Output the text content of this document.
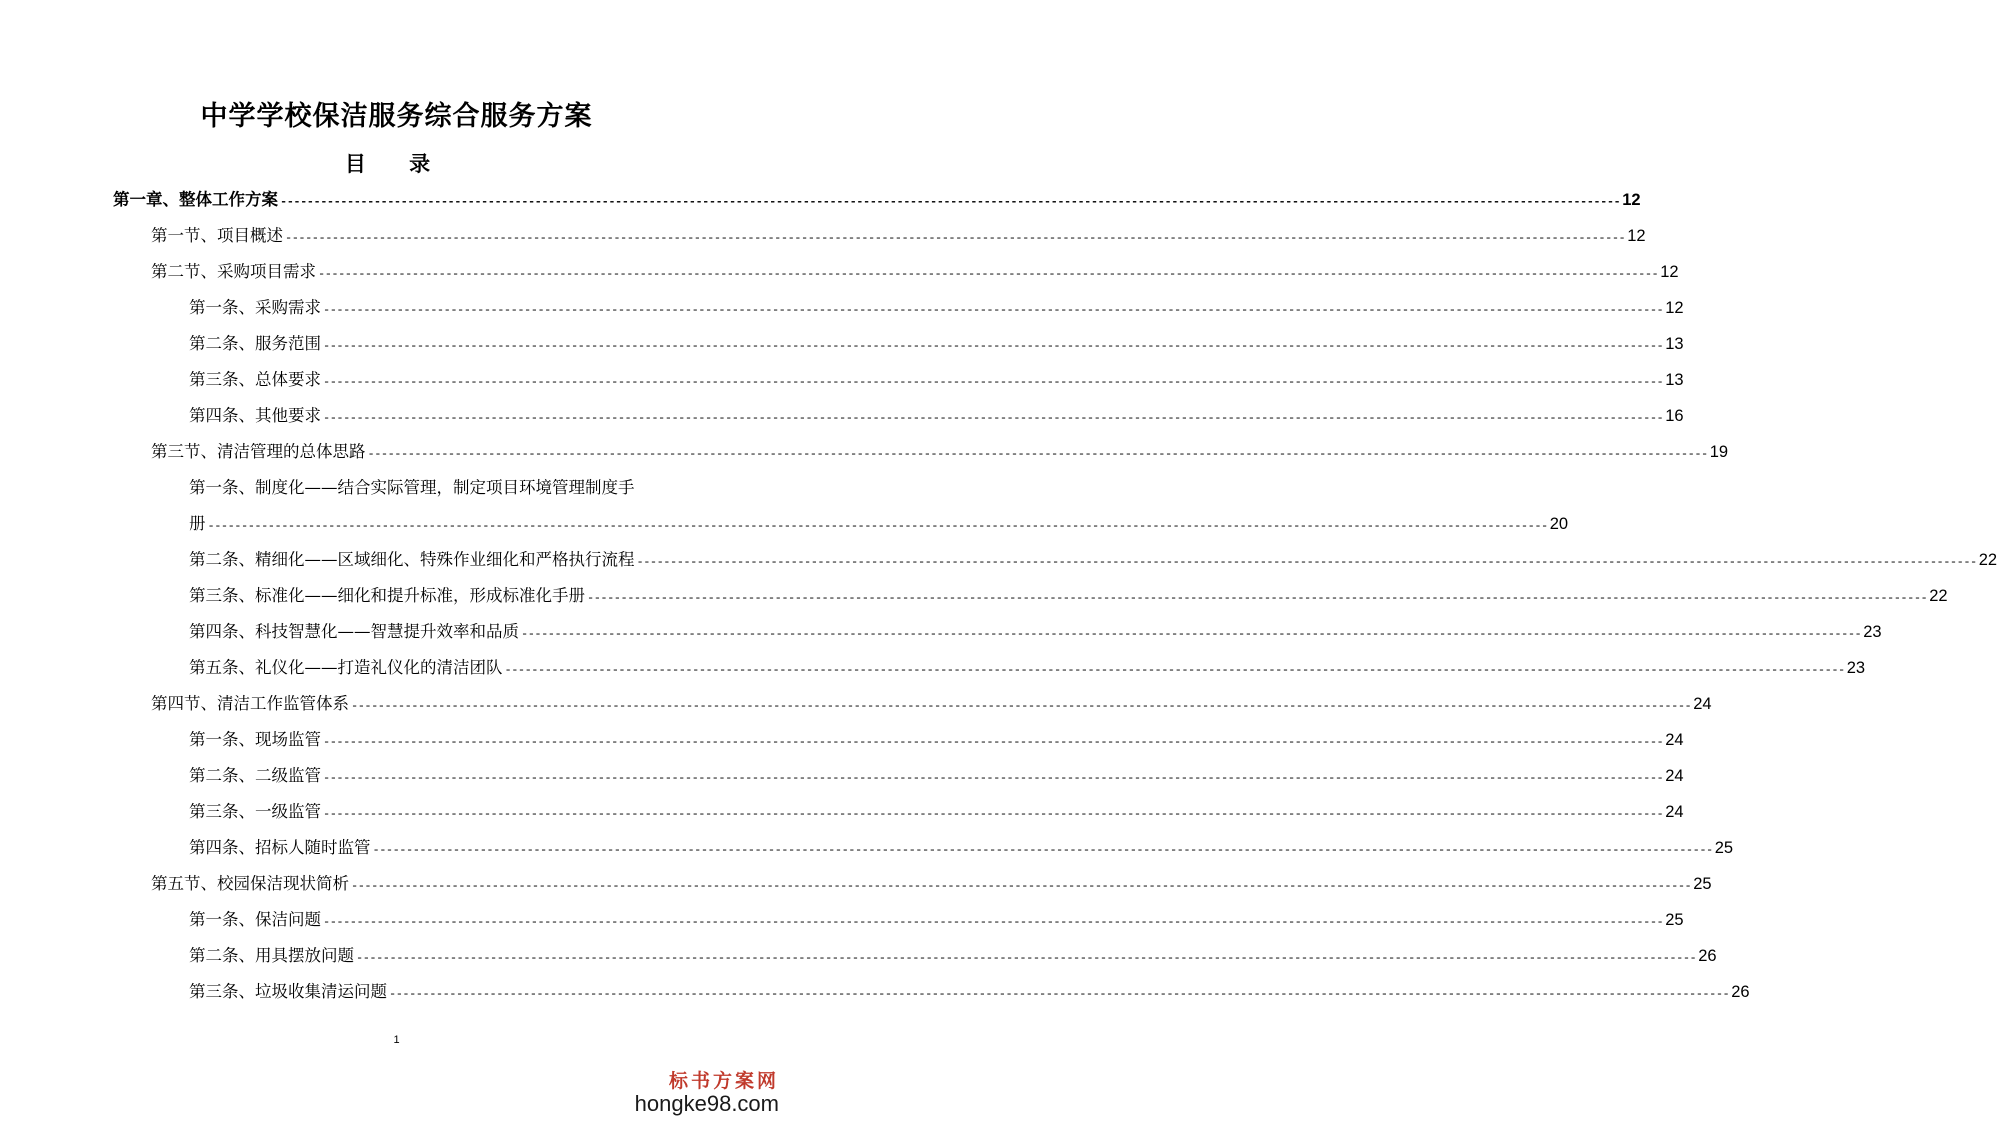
中学学校保洁服务综合服务方案
目 录
第一章、整体工作方案 -------------------------------------------------------------------------------------------------------------------------------------------------------------------------------------------------------- 12
第一节、项目概述 -------------------------------------------------------------------------------------------------------------------------------------------------------------------------------------------------------- 12
第二节、采购项目需求 -------------------------------------------------------------------------------------------------------------------------------------------------------------------------------------------------------- 12
第一条、采购需求 -------------------------------------------------------------------------------------------------------------------------------------------------------------------------------------------------------- 12
第二条、服务范围 -------------------------------------------------------------------------------------------------------------------------------------------------------------------------------------------------------- 13
第三条、总体要求 -------------------------------------------------------------------------------------------------------------------------------------------------------------------------------------------------------- 13
第四条、其他要求 -------------------------------------------------------------------------------------------------------------------------------------------------------------------------------------------------------- 16
第三节、清洁管理的总体思路 -------------------------------------------------------------------------------------------------------------------------------------------------------------------------------------------------------- 19
第一条、制度化——结合实际管理，制定项目环境管理制度手
册 -------------------------------------------------------------------------------------------------------------------------------------------------------------------------------------------------------- 20
第二条、精细化——区域细化、特殊作业细化和严格执行流程 -------------------------------------------------------------------------------------------------------------------------------------------------------------------------------------------------------- 22
第三条、标准化——细化和提升标准，形成标准化手册 -------------------------------------------------------------------------------------------------------------------------------------------------------------------------------------------------------- 22
第四条、科技智慧化——智慧提升效率和品质 -------------------------------------------------------------------------------------------------------------------------------------------------------------------------------------------------------- 23
第五条、礼仪化——打造礼仪化的清洁团队 -------------------------------------------------------------------------------------------------------------------------------------------------------------------------------------------------------- 23
第四节、清洁工作监管体系 -------------------------------------------------------------------------------------------------------------------------------------------------------------------------------------------------------- 24
第一条、现场监管 -------------------------------------------------------------------------------------------------------------------------------------------------------------------------------------------------------- 24
第二条、二级监管 -------------------------------------------------------------------------------------------------------------------------------------------------------------------------------------------------------- 24
第三条、一级监管 -------------------------------------------------------------------------------------------------------------------------------------------------------------------------------------------------------- 24
第四条、招标人随时监管 -------------------------------------------------------------------------------------------------------------------------------------------------------------------------------------------------------- 25
第五节、校园保洁现状简析 -------------------------------------------------------------------------------------------------------------------------------------------------------------------------------------------------------- 25
第一条、保洁问题 -------------------------------------------------------------------------------------------------------------------------------------------------------------------------------------------------------- 25
第二条、用具摆放问题 -------------------------------------------------------------------------------------------------------------------------------------------------------------------------------------------------------- 26
第三条、垃圾收集清运问题 -------------------------------------------------------------------------------------------------------------------------------------------------------------------------------------------------------- 26
1
标书方案网
hongke98.com
